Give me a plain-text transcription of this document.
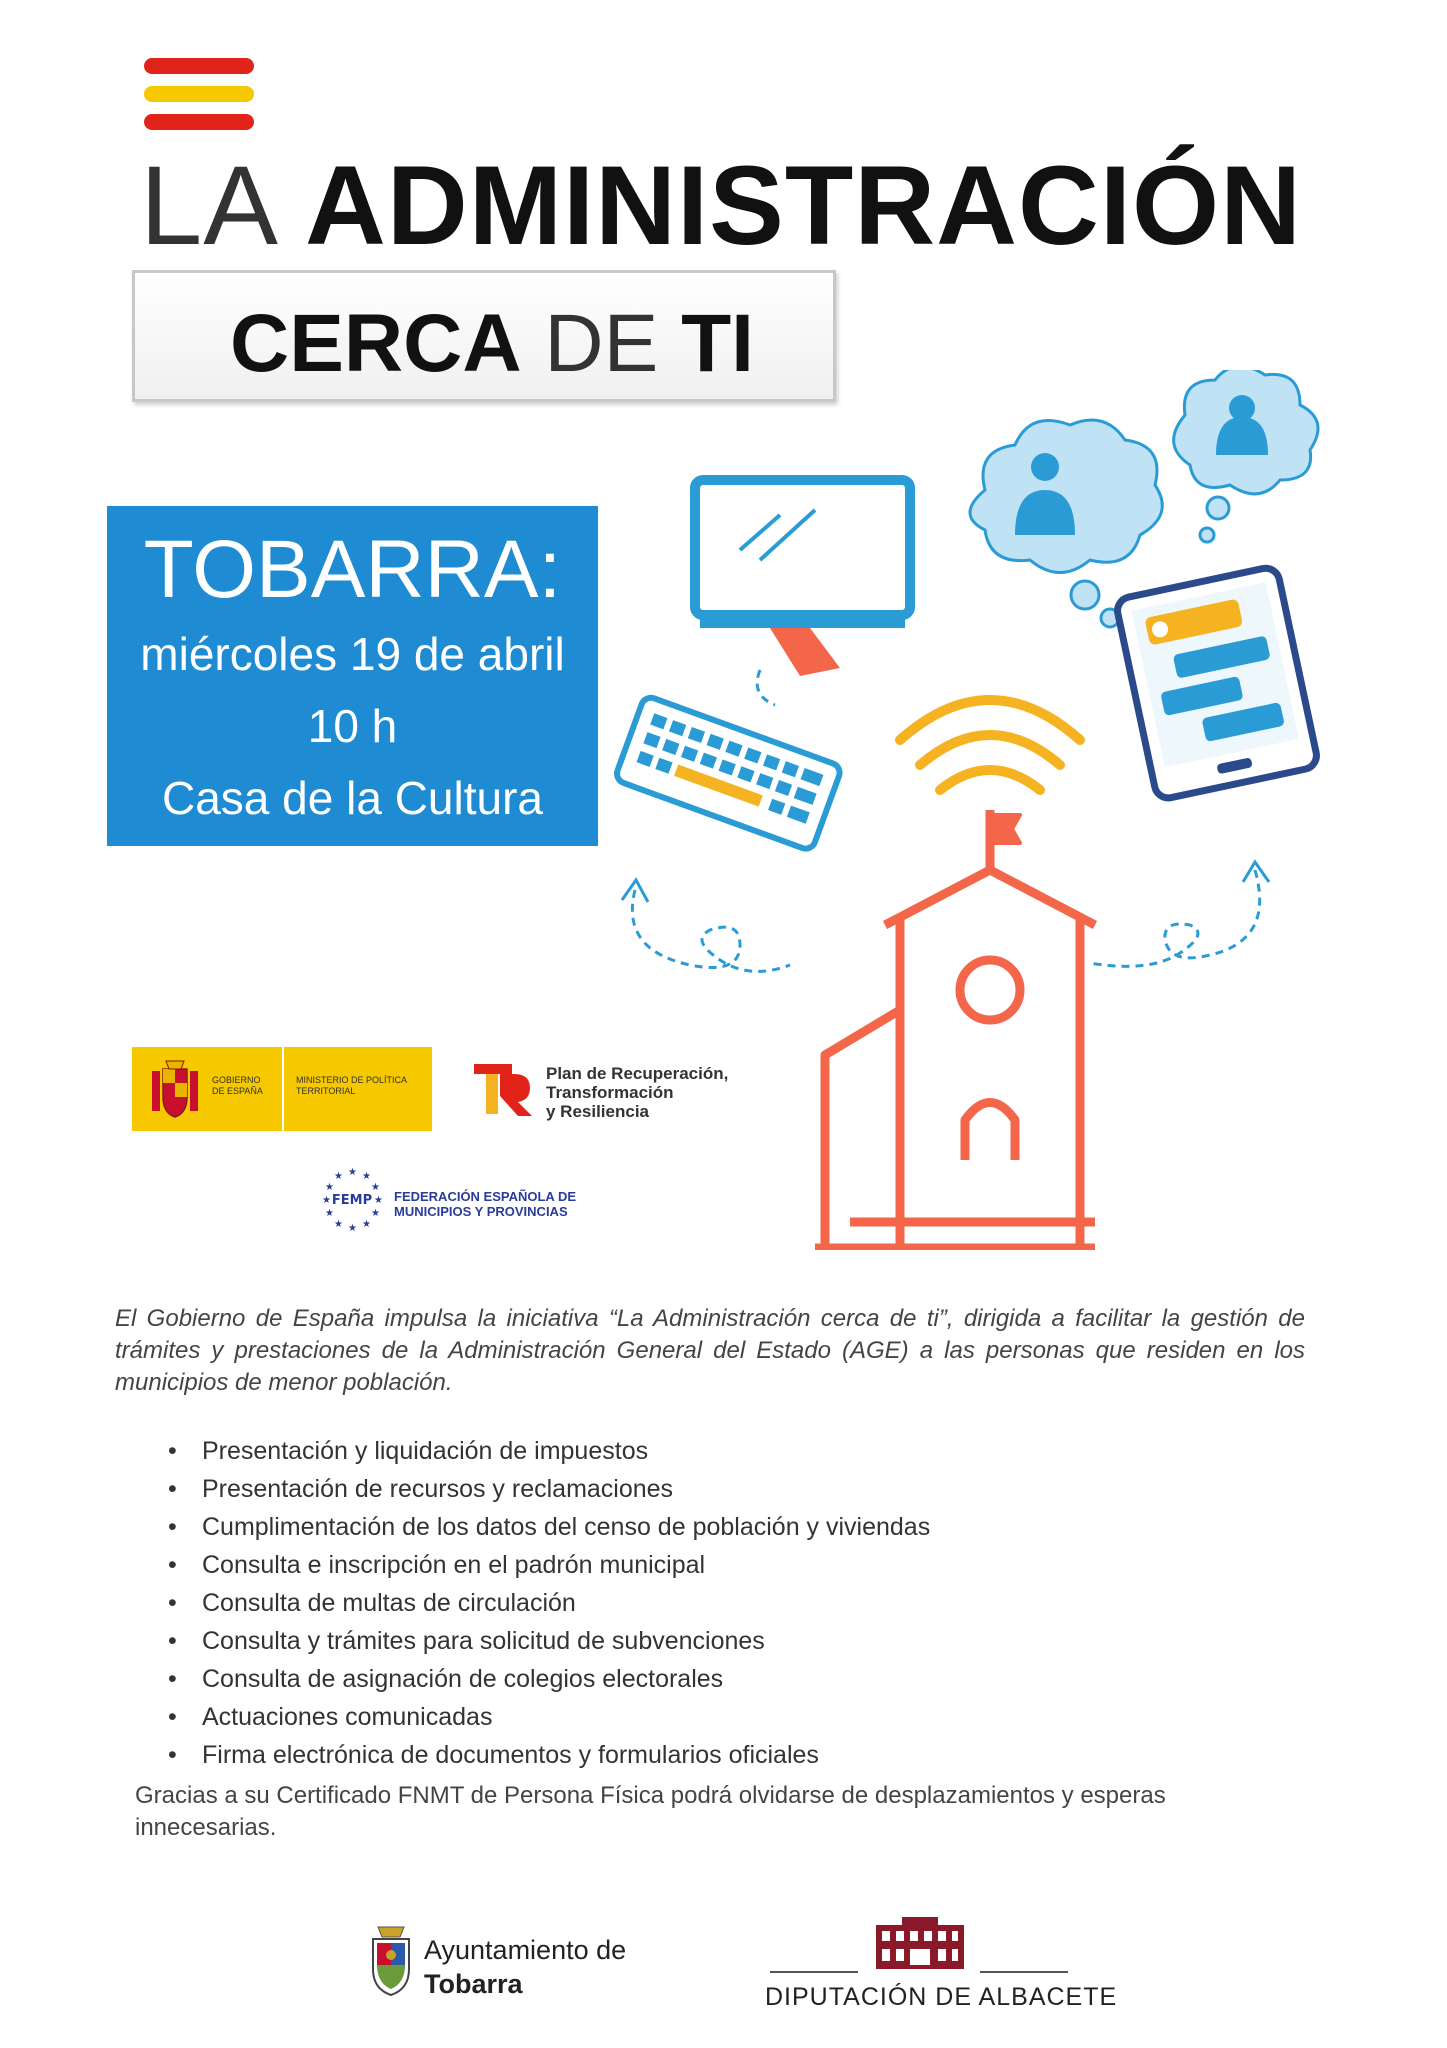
LA ADMINISTRACIÓN
CERCA DE TI
TOBARRA:
miércoles 19 de abril
10 h
Casa de la Cultura
GOBIERNO DE ESPAÑA
MINISTERIO DE POLÍTICA TERRITORIAL
Plan de Recuperación,
Transformación
y Resiliencia
★ ★
★
★
★
★
★
★
★
★
★
★
FEMP FEDERACIÓN ESPAÑOLA DE
MUNICIPIOS Y PROVINCIAS
El Gobierno de España impulsa la iniciativa “La Administración cerca de ti”, dirigida a facilitar la gestión de trámites y prestaciones de la Administración General del Estado (AGE) a las personas que residen en los municipios de menor población.
• Presentación y liquidación de impuestos
• Presentación de recursos y reclamaciones
• Cumplimentación de los datos del censo de población y viviendas
• Consulta e inscripción en el padrón municipal
• Consulta de multas de circulación
• Consulta y trámites para solicitud de subvenciones
• Consulta de asignación de colegios electorales
• Actuaciones comunicadas
• Firma electrónica de documentos y formularios oficiales
Gracias a su Certificado FNMT de Persona Física podrá olvidarse de desplazamientos y esperas innecesarias.
Ayuntamiento de
Tobarra	DIPUTACIÓN DE ALBACETE
